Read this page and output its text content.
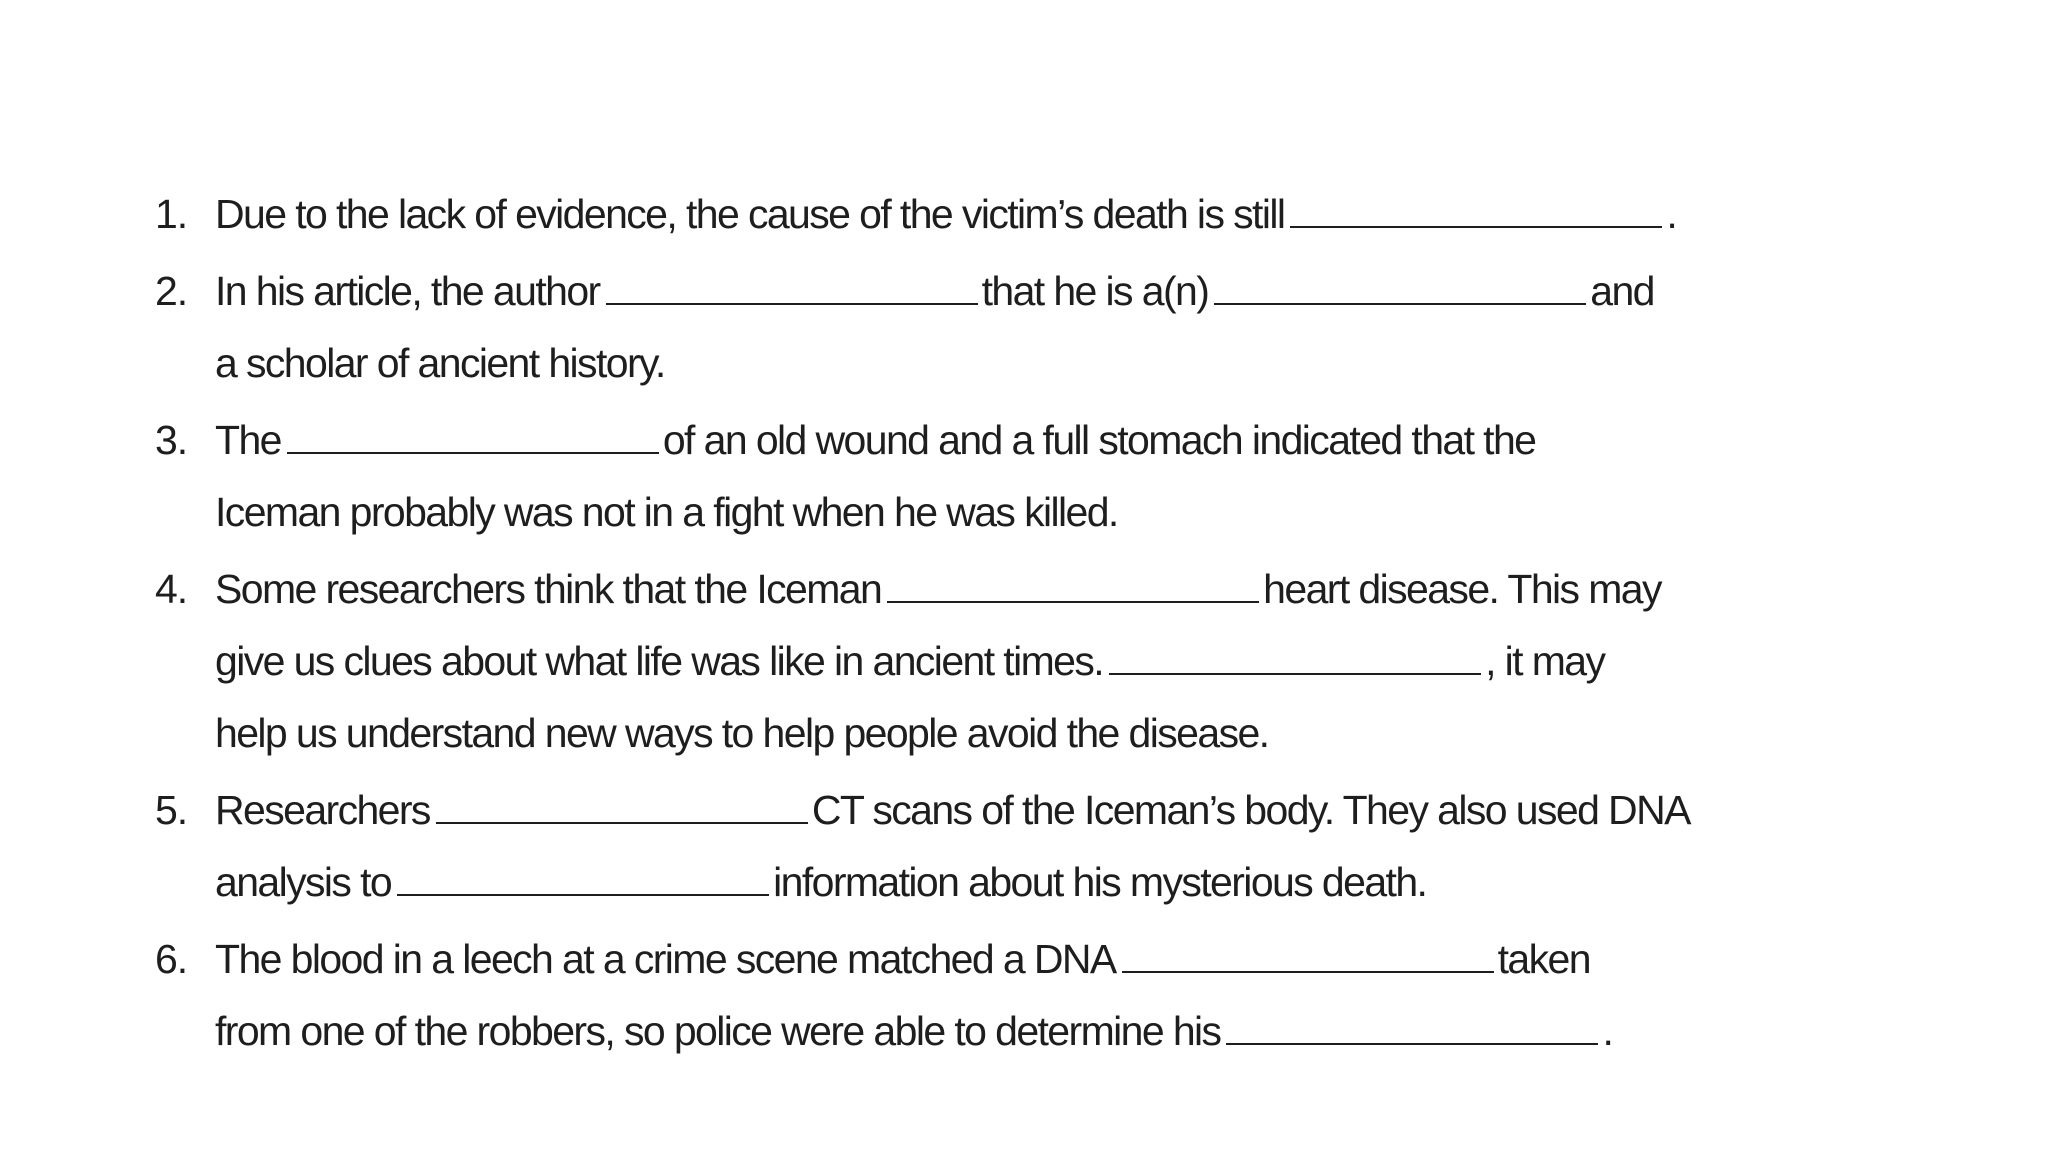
1. Due to the lack of evidence, the cause of the victim’s death is still	.
2. In his article, the author	that he is a(n)	and
a scholar of ancient history.
3. The	of an old wound and a full stomach indicated that the
Iceman probably was not in a fight when he was killed.
4. Some researchers think that the Iceman	heart disease. This may
give us clues about what life was like in ancient times.	, it may
help us understand new ways to help people avoid the disease.
5. Researchers	CT scans of the Iceman’s body. They also used DNA
analysis to	information about his mysterious death.
6. The blood in a leech at a crime scene matched a DNA	taken
from one of the robbers, so police were able to determine his	.
